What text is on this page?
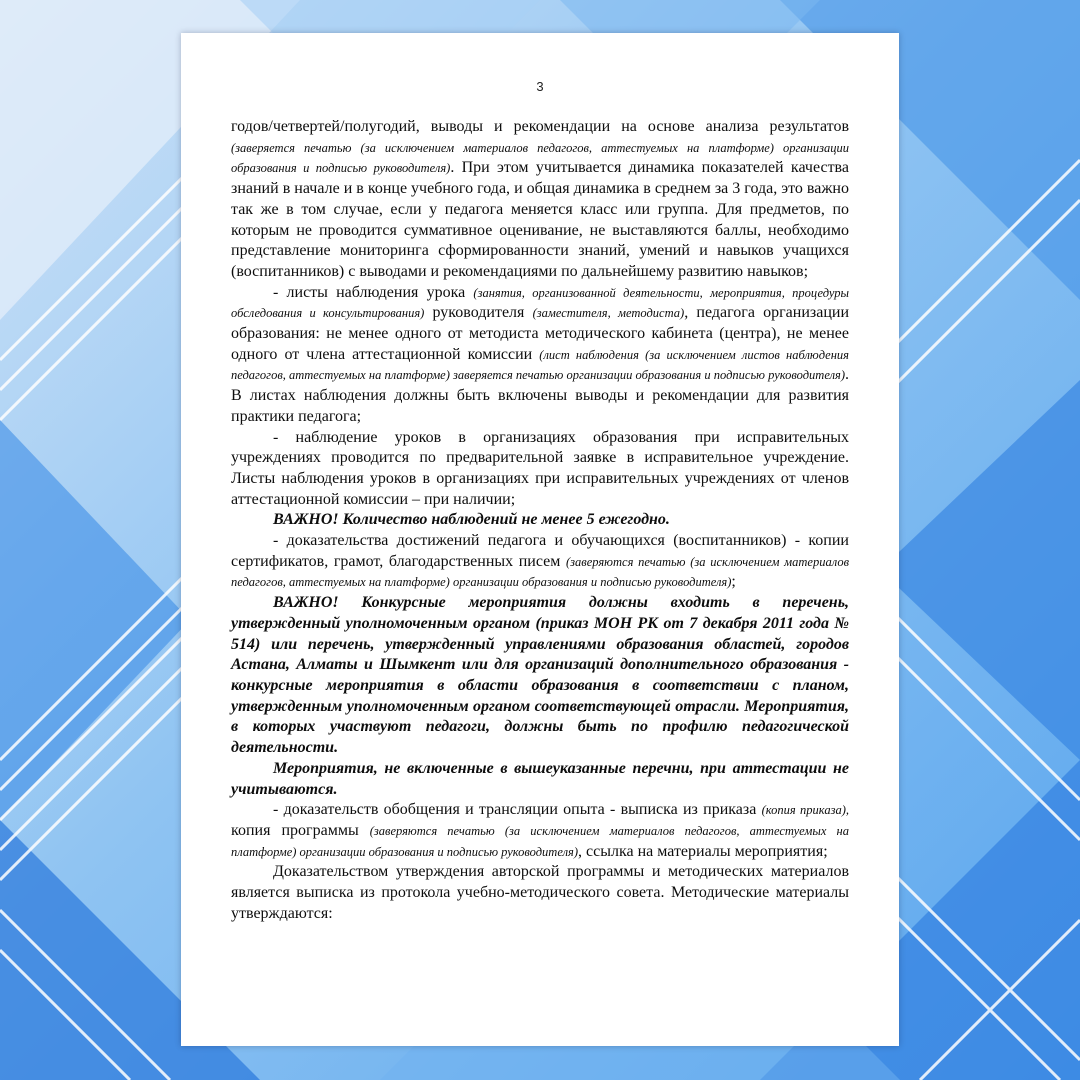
3

годов/четвертей/полугодий, выводы и рекомендации на основе анализа результатов (заверяется печатью (за исключением материалов педагогов, аттестуемых на платформе) организации образования и подписью руководителя). При этом учитывается динамика показателей качества знаний в начале и в конце учебного года, и общая динамика в среднем за 3 года, это важно так же в том случае, если у педагога меняется класс или группа. Для предметов, по которым не проводится суммативное оценивание, не выставляются баллы, необходимо представление мониторинга сформированности знаний, умений и навыков учащихся (воспитанников) с выводами и рекомендациями по дальнейшему развитию навыков;

- листы наблюдения урока (занятия, организованной деятельности, мероприятия, процедуры обследования и консультирования) руководителя (заместителя, методиста), педагога организации образования: не менее одного от методиста методического кабинета (центра), не менее одного от члена аттестационной комиссии (лист наблюдения (за исключением листов наблюдения педагогов, аттестуемых на платформе) заверяется печатью организации образования и подписью руководителя). В листах наблюдения должны быть включены выводы и рекомендации для развития практики педагога;

- наблюдение уроков в организациях образования при исправительных учреждениях проводится по предварительной заявке в исправительное учреждение. Листы наблюдения уроков в организациях при исправительных учреждениях от членов аттестационной комиссии – при наличии;

ВАЖНО! Количество наблюдений не менее 5 ежегодно.

- доказательства достижений педагога и обучающихся (воспитанников) - копии сертификатов, грамот, благодарственных писем (заверяются печатью (за исключением материалов педагогов, аттестуемых на платформе) организации образования и подписью руководителя);

ВАЖНО! Конкурсные мероприятия должны входить в перечень, утвержденный уполномоченным органом (приказ МОН РК от 7 декабря 2011 года № 514) или перечень, утвержденный управлениями образования областей, городов Астана, Алматы и Шымкент или для организаций дополнительного образования - конкурсные мероприятия в области образования в соответствии с планом, утвержденным уполномоченным органом соответствующей отрасли. Мероприятия, в которых участвуют педагоги, должны быть по профилю педагогической деятельности.

Мероприятия, не включенные в вышеуказанные перечни, при аттестации не учитываются.

- доказательств обобщения и трансляции опыта - выписка из приказа (копия приказа), копия программы (заверяются печатью (за исключением материалов педагогов, аттестуемых на платформе) организации образования и подписью руководителя), ссылка на материалы мероприятия;

Доказательством утверждения авторской программы и методических материалов является выписка из протокола учебно-методического совета. Методические материалы утверждаются:
